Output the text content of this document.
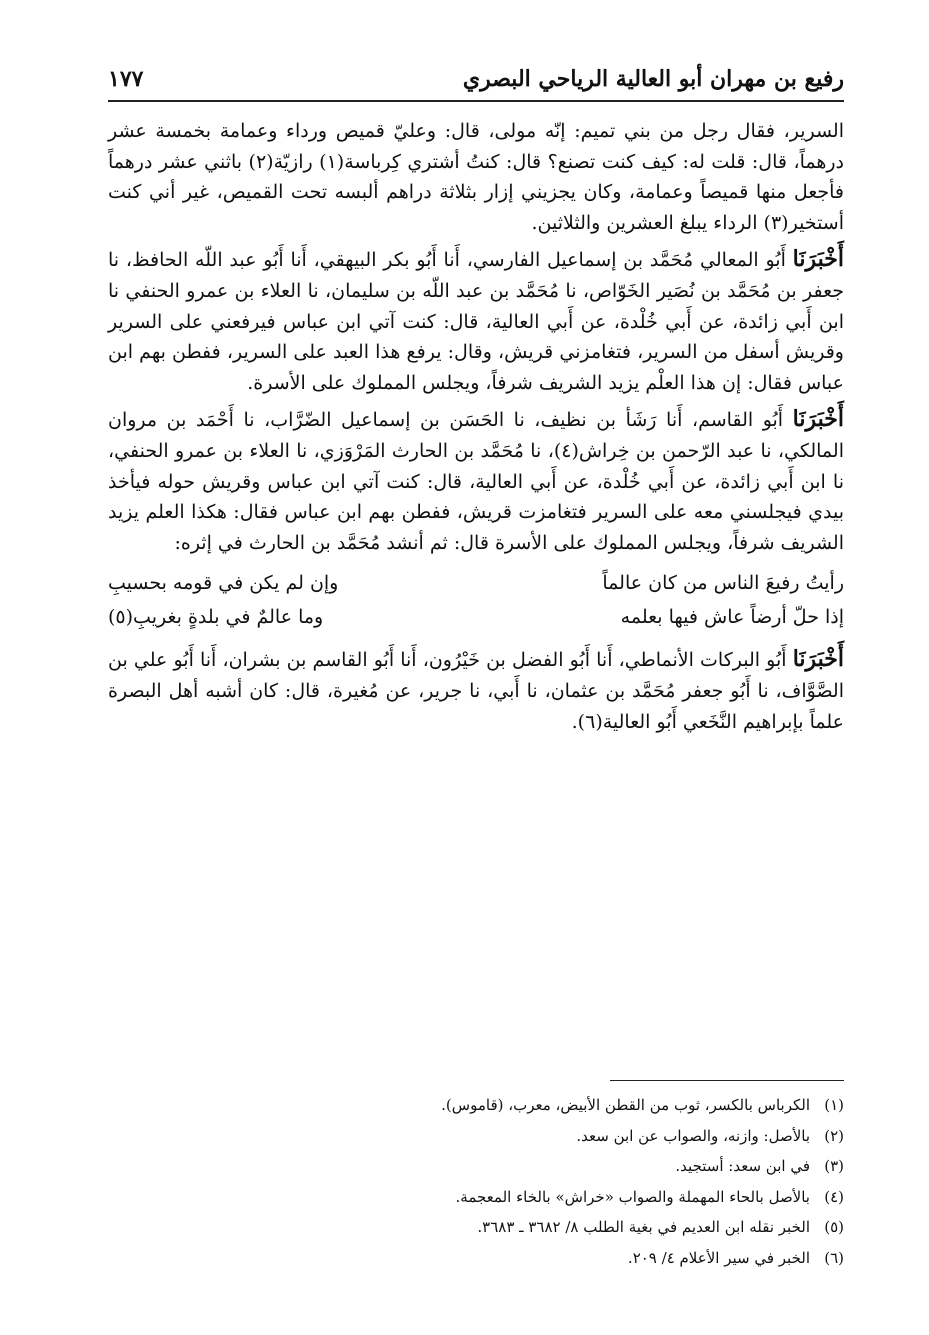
١٧٧	رفيع بن مهران أبو العالية الرياحي البصري

السرير، فقال رجل من بني تميم: إنّه مولى، قال: وعليّ قميص ورداء وعمامة بخمسة عشر درهماً، قال: قلت له: كيف كنت تصنع؟ قال: كنتُ أشتري كِرباسة(١) رازيّة(٢) باثني عشر درهماً فأجعل منها قميصاً وعمامة، وكان يجزيني إزار بثلاثة دراهم ألبسه تحت القميص، غير أني كنت أستخير(٣) الرداء يبلغ العشرين والثلاثين.

أَخْبَرَنَا أَبُو المعالي مُحَمَّد بن إسماعيل الفارسي، أَنا أَبُو بكر البيهقي، أَنا أَبُو عبد اللّه الحافظ، نا جعفر بن مُحَمَّد بن نُصَير الخَوّاص، نا مُحَمَّد بن عبد اللّه بن سليمان، نا العلاء بن عمرو الحنفي نا ابن أَبي زائدة، عن أَبي خُلْدة، عن أَبي العالية، قال: كنت آتي ابن عباس فيرفعني على السرير وقريش أسفل من السرير، فتغامزني قريش، وقال: يرفع هذا العبد على السرير، ففطن بهم ابن عباس فقال: إن هذا العلْم يزيد الشريف شرفاً، ويجلس المملوك على الأسرة.

أَخْبَرَنَا أَبُو القاسم، أَنا رَشَأ بن نظيف، نا الحَسَن بن إسماعيل الضّرَّاب، نا أَحْمَد بن مروان المالكي، نا عبد الرّحمن بن خِراش(٤)، نا مُحَمَّد بن الحارث المَرْوَزي، نا العلاء بن عمرو الحنفي، نا ابن أَبي زائدة، عن أَبي خُلْدة، عن أَبي العالية، قال: كنت آتي ابن عباس وقريش حوله فيأخذ بيدي فيجلسني معه على السرير فتغامزت قريش، ففطن بهم ابن عباس فقال: هكذا العلم يزيد الشريف شرفاً، ويجلس المملوك على الأسرة قال: ثم أنشد مُحَمَّد بن الحارث في إثره:

رأيتُ رفيعَ الناس من كان عالماً
وإن لم يكن في قومه بحسيبِ
إذا حلّ أرضاً عاش فيها بعلمه
وما عالمٌ في بلدةٍ بغريبِ(٥)

أَخْبَرَنَا أَبُو البركات الأنماطي، أَنا أَبُو الفضل بن خَيْرُون، أَنا أَبُو القاسم بن بشران، أَنا أَبُو علي بن الصَّوَّاف، نا أَبُو جعفر مُحَمَّد بن عثمان، نا أَبي، نا جرير، عن مُغيرة، قال: كان أشبه أهل البصرة علماً بإبراهيم النَّخَعي أَبُو العالية(٦).

(١)
الكرباس بالكسر، ثوب من القطن الأبيض، معرب، (قاموس).
(٢)
بالأصل: وازنه، والصواب عن ابن سعد.
(٣)
في ابن سعد: أستجيد.
(٤)
بالأصل بالحاء المهملة والصواب «خراش» بالخاء المعجمة.
(٥)
الخبر نقله ابن العديم في بغية الطلب ٨/ ٣٦٨٢ ـ ٣٦٨٣.
(٦)
الخبر في سير الأعلام ٤/ ٢٠٩.
